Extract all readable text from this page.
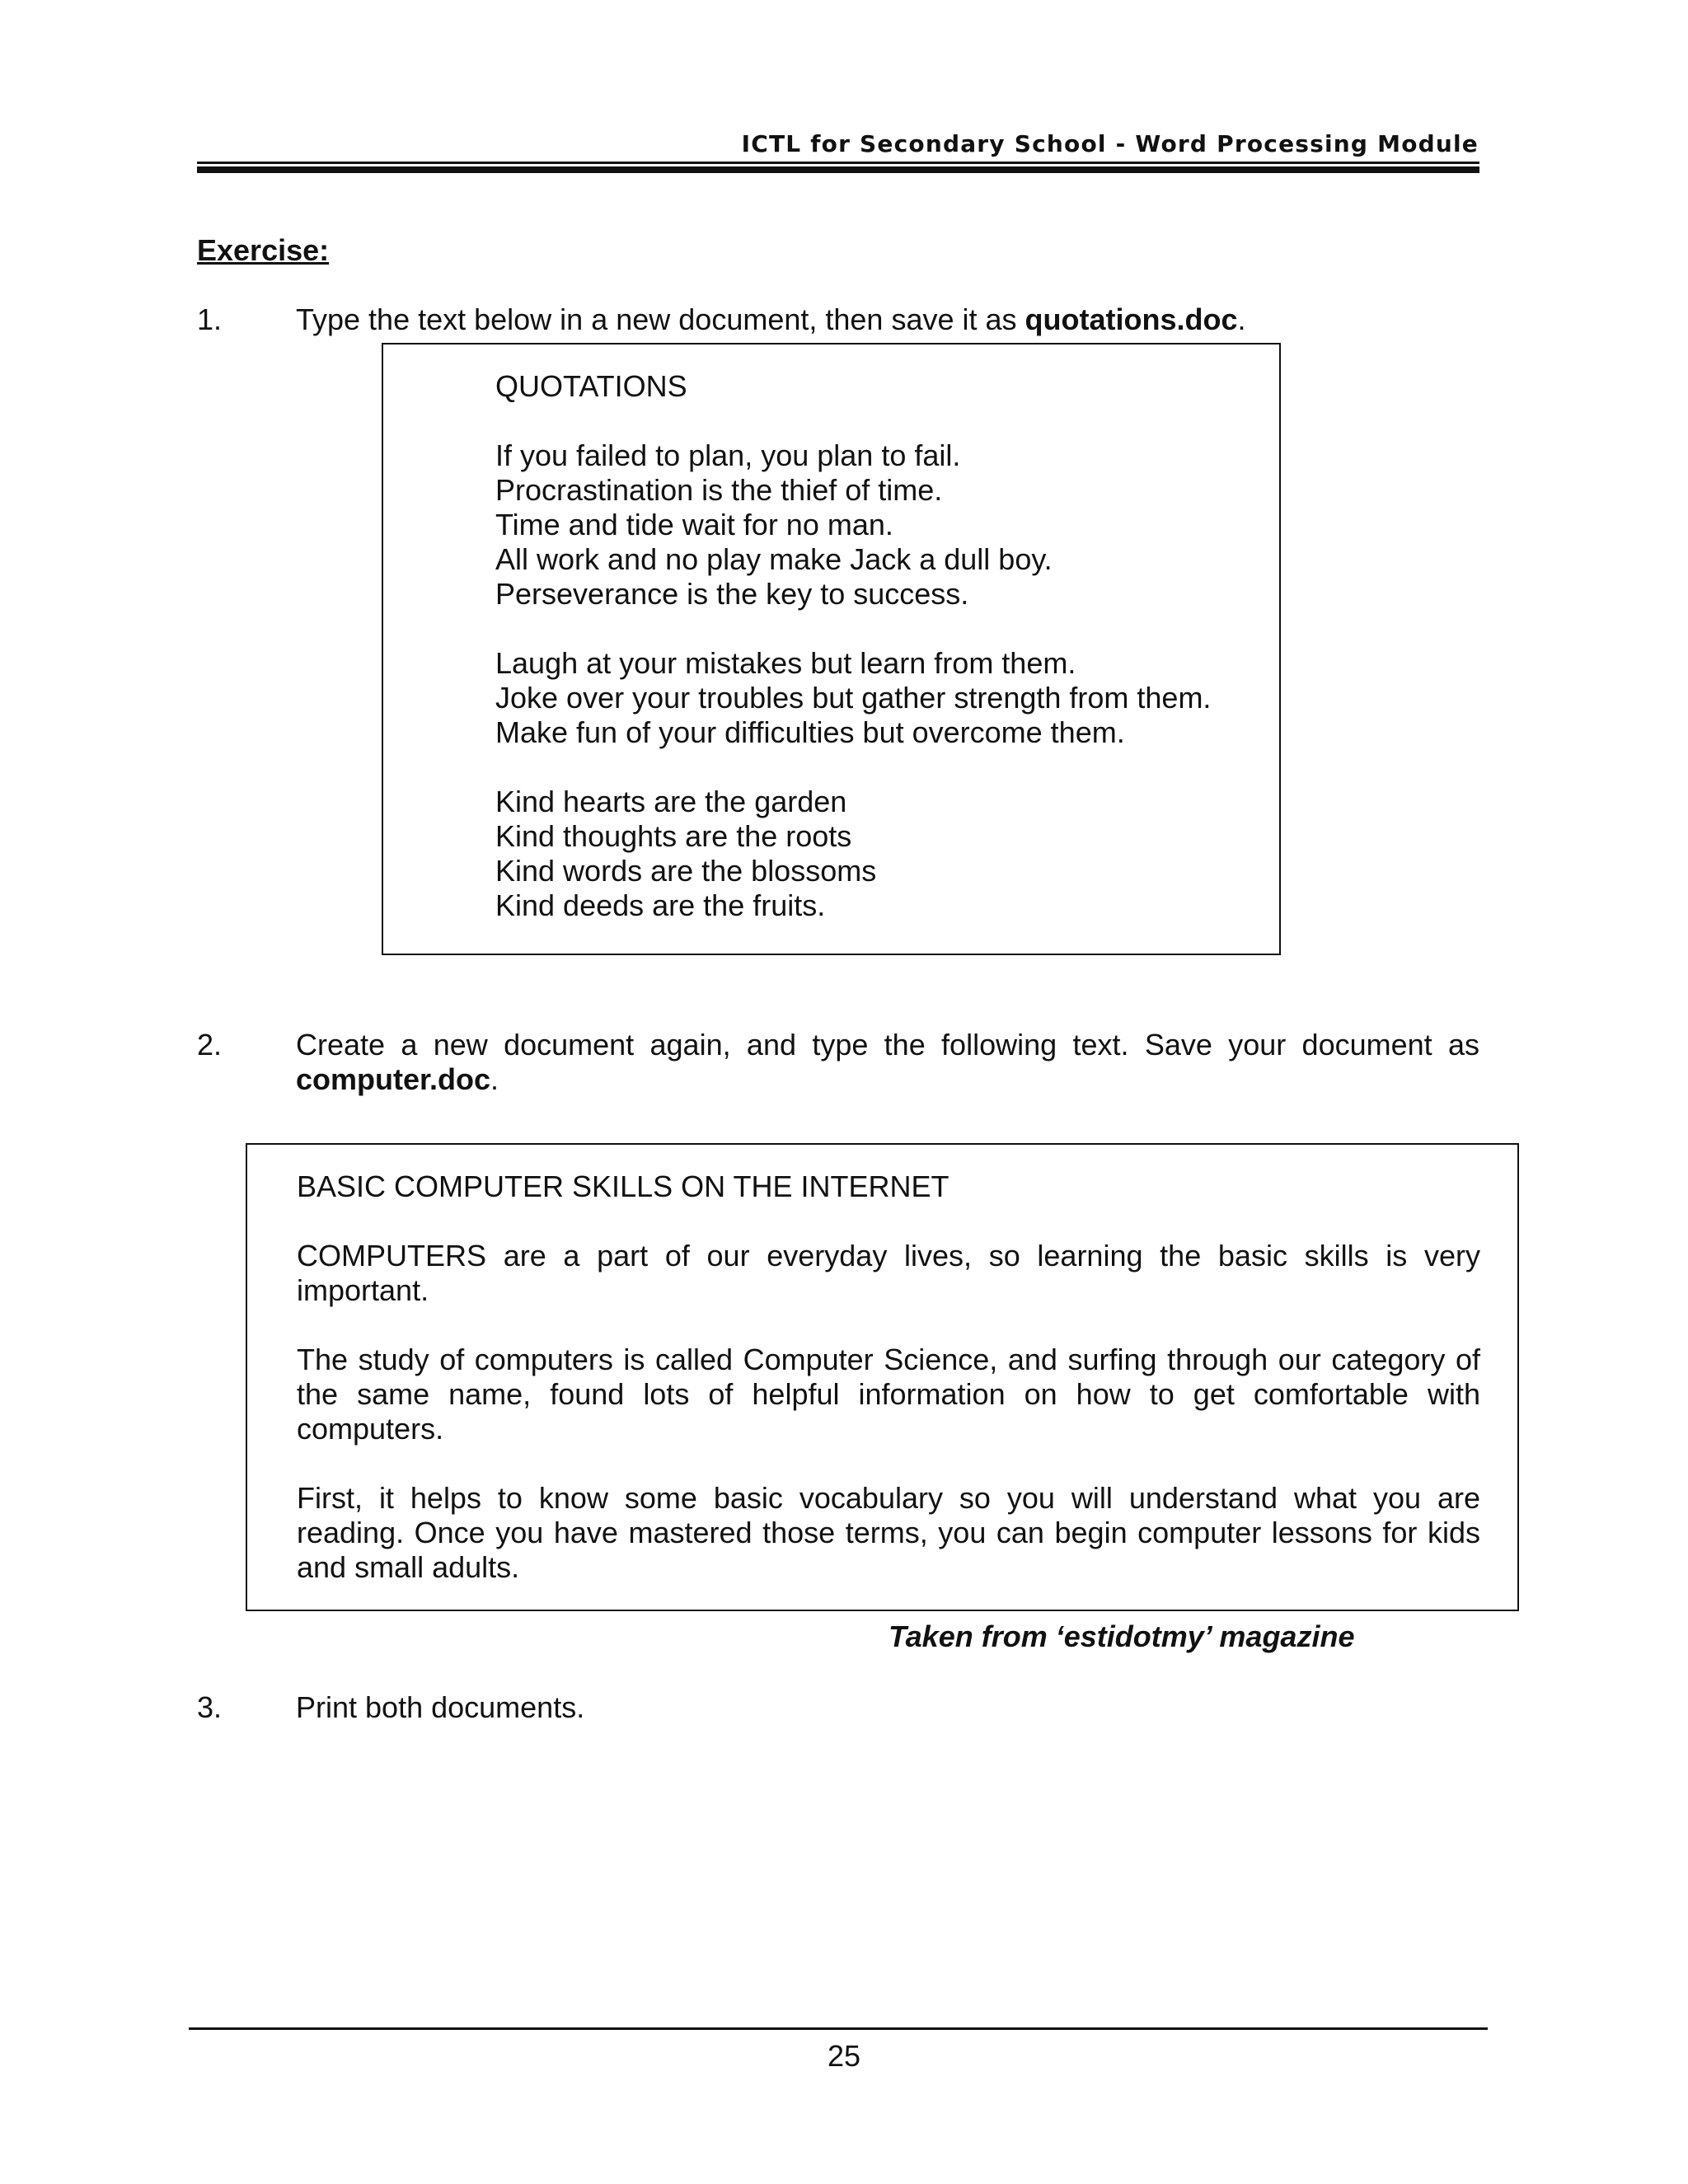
ICTL for Secondary School - Word Processing Module
Exercise:
1. Type the text below in a new document, then save it as quotations.doc.
QUOTATIONS
If you failed to plan, you plan to fail.
Procrastination is the thief of time.
Time and tide wait for no man.
All work and no play make Jack a dull boy.
Perseverance is the key to success.
Laugh at your mistakes but learn from them.
Joke over your troubles but gather strength from them.
Make fun of your difficulties but overcome them.
Kind hearts are the garden
Kind thoughts are the roots
Kind words are the blossoms
Kind deeds are the fruits.
2. Create a new document again, and type the following text. Save your document as
computer.doc.
BASIC COMPUTER SKILLS ON THE INTERNET

COMPUTERS are a part of our everyday lives, so learning the basic skills is very important.

The study of computers is called Computer Science, and surfing through our category of the same name, found lots of helpful information on how to get comfortable with computers.

First, it helps to know some basic vocabulary so you will understand what you are reading. Once you have mastered those terms, you can begin computer lessons for kids and small adults.

Taken from ‘estidotmy’ magazine
3. Print both documents.
25
